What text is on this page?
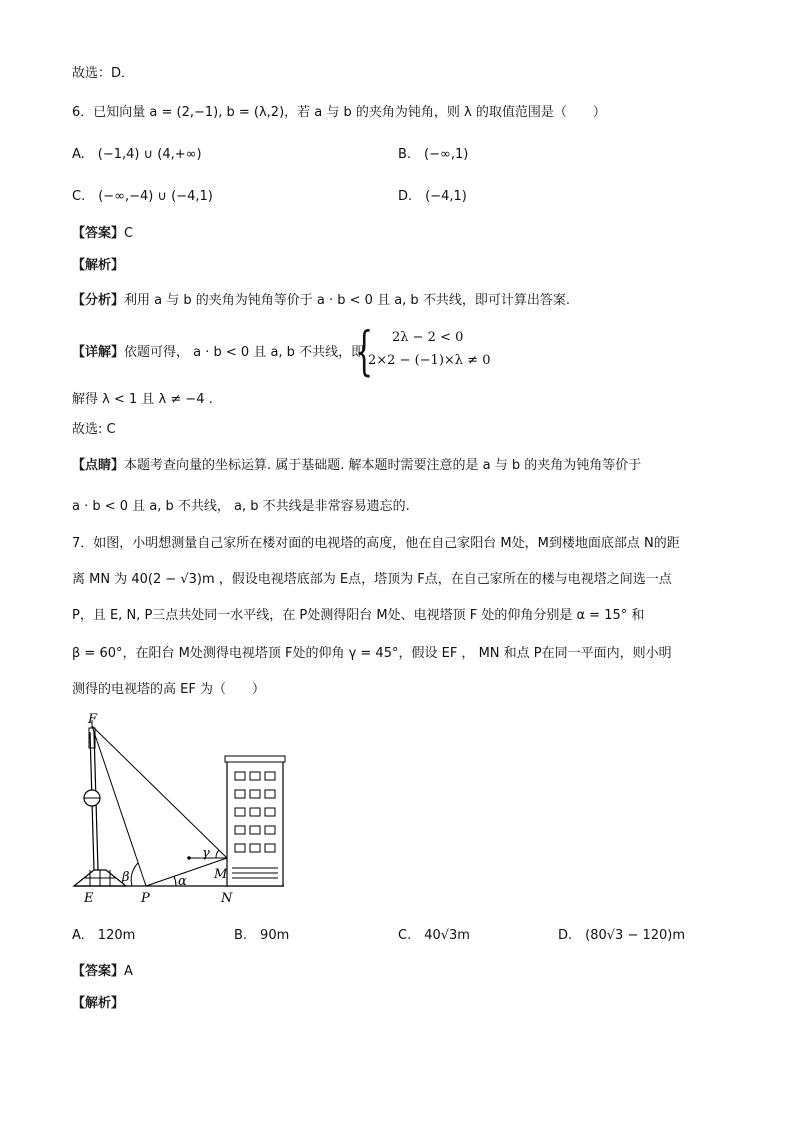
故选：D．
6．已知向量 a = (2,−1), b = (λ,2)，若 a 与 b 的夹角为钝角，则 λ 的取值范围是（　　）
A.　(−1,4) ∪ (4,+∞)	B.　(−∞,1)
C.　(−∞,−4) ∪ (−4,1)	D.　(−4,1)
【答案】C
【解析】
【分析】利用 a 与 b 的夹角为钝角等价于 a · b < 0 且 a, b 不共线，即可计算出答案.
【详解】依题可得， a · b < 0 且 a, b 不共线，即
{ 2λ − 2 < 0
2×2 − (−1)×λ ≠ 0
解得 λ < 1 且 λ ≠ −4 .
故选: C
【点睛】本题考查向量的坐标运算. 属于基础题. 解本题时需要注意的是 a 与 b 的夹角为钝角等价于
a · b < 0 且 a, b 不共线， a, b 不共线是非常容易遗忘的.
7．如图，小明想测量自己家所在楼对面的电视塔的高度，他在自己家阳台 M处，M到楼地面底部点 N的距
离 MN 为 40(2 − √3)m ，假设电视塔底部为 E点，塔顶为 F点，在自己家所在的楼与电视塔之间选一点
P，且 E, N, P三点共处同一水平线，在 P处测得阳台 M处、电视塔顶 F 处的仰角分别是 α = 15° 和
β = 60°，在阳台 M处测得电视塔顶 F处的仰角 γ = 45°，假设 EF ， MN 和点 P在同一平面内，则小明
测得的电视塔的高 EF 为（　　）
F
E	P	N
M
α
β
γ
A.　120m	B.　90m	C.　40√3m	D.　(80√3 − 120)m
【答案】A
【解析】
